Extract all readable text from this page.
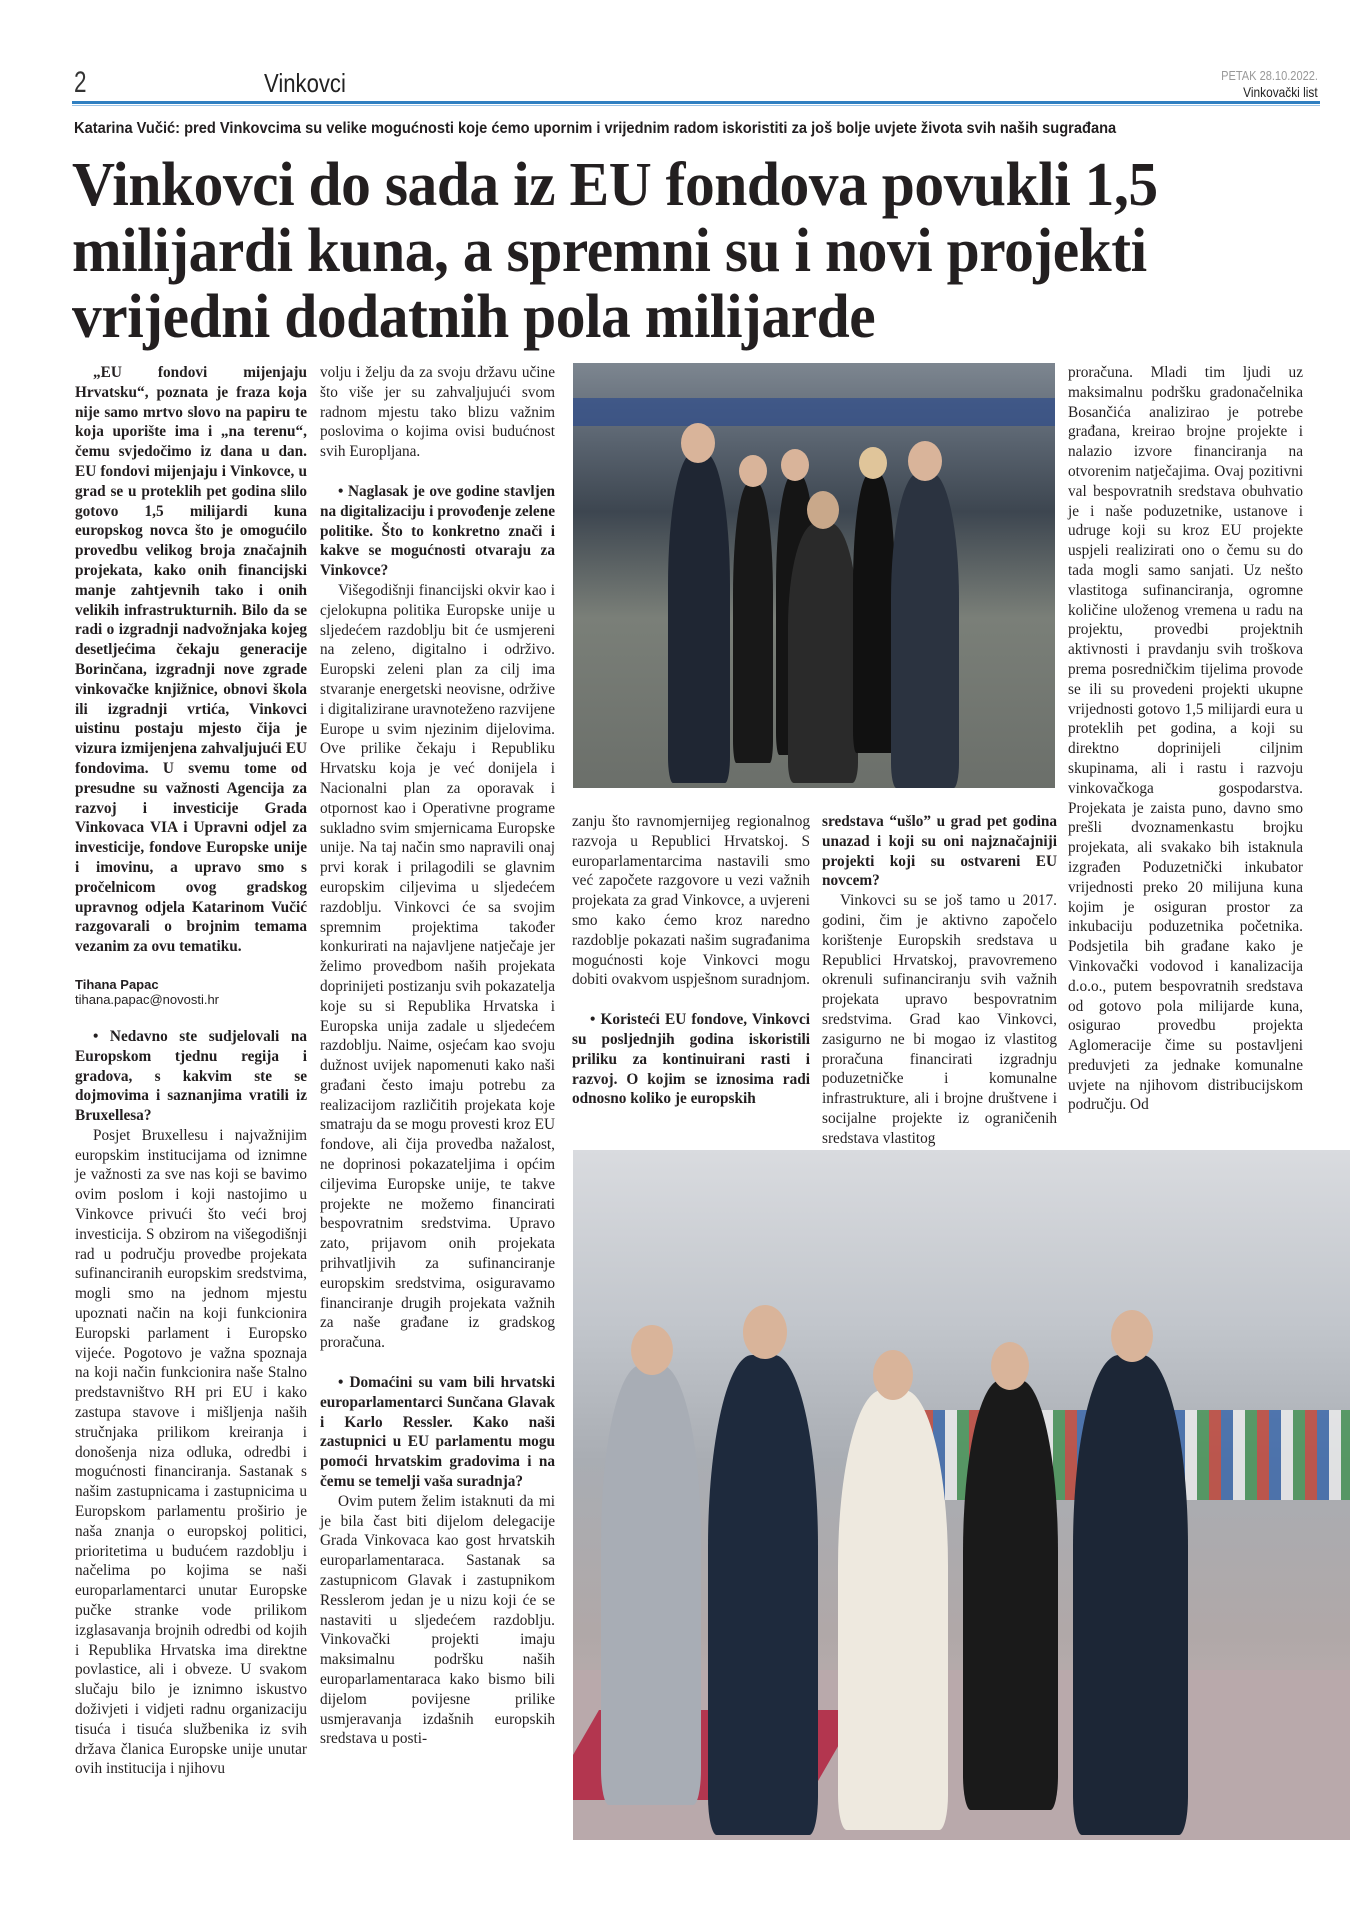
2	Vinkovci	PETAK 28.10.2022.
Vinkovački list
Katarina Vučić: pred Vinkovcima su velike mogućnosti koje ćemo upornim i vrijednim radom iskoristiti za još bolje uvjete života svih naših sugrađana
Vinkovci do sada iz EU fondova povukli 1,5 milijardi kuna, a spremni su i novi projekti vrijedni dodatnih pola milijarde

„EU fondovi mijenjaju Hrvatsku“, poznata je fraza koja nije samo mrtvo slovo na papiru te koja uporište ima i „na terenu“, čemu svjedočimo iz dana u dan. EU fondovi mijenjaju i Vinkovce, u grad se u proteklih pet godina slilo gotovo 1,5 milijardi kuna europskog novca što je omogućilo provedbu velikog broja značajnih projekata, kako onih financijski manje zahtjevnih tako i onih velikih infrastrukturnih. Bilo da se radi o izgradnji nadvožnjaka kojeg desetljećima čekaju generacije Borinčana, izgradnji nove zgrade vinkovačke knjižnice, obnovi škola ili izgradnji vrtića, Vinkovci uistinu postaju mjesto čija je vizura izmijenjena zahvaljujući EU fondovima. U svemu tome od presudne su važnosti Agencija za razvoj i investicije Grada Vinkovaca VIA i Upravni odjel za investicije, fondove Europske unije i imovinu, a upravo smo s pročelnicom ovog gradskog upravnog odjela Katarinom Vučić razgovarali o brojnim temama vezanim za ovu tematiku.

Tihana Papac
tihana.papac@novosti.hr

• Nedavno ste sudjelovali na Europskom tjednu regija i gradova, s kakvim ste se dojmovima i saznanjima vratili iz Bruxellesa?

Posjet Bruxellesu i najvažnijim europskim institucijama od iznimne je važnosti za sve nas koji se bavimo ovim poslom i koji nastojimo u Vinkovce privući što veći broj investicija. S obzirom na višegodišnji rad u području provedbe projekata sufinanciranih europskim sredstvima, mogli smo na jednom mjestu upoznati način na koji funkcionira Europski parlament i Europsko vijeće. Pogotovo je važna spoznaja na koji način funkcionira naše Stalno predstavništvo RH pri EU i kako zastupa stavove i mišljenja naših stručnjaka prilikom kreiranja i donošenja niza odluka, odredbi i mogućnosti financiranja. Sastanak s našim zastupnicama i zastupnicima u Europskom parlamentu proširio je naša znanja o europskoj politici, prioritetima u budućem razdoblju i načelima po kojima se naši europarlamentarci unutar Europske pučke stranke vode prilikom izglasavanja brojnih odredbi od kojih i Republika Hrvatska ima direktne povlastice, ali i obveze. U svakom slučaju bilo je iznimno iskustvo doživjeti i vidjeti radnu organizaciju tisuća i tisuća službenika iz svih država članica Europske unije unutar ovih institucija i njihovu

volju i želju da za svoju državu učine što više jer su zahvaljujući svom radnom mjestu tako blizu važnim poslovima o kojima ovisi budućnost svih Europljana.

• Naglasak je ove godine stavljen na digitalizaciju i provođenje zelene politike. Što to konkretno znači i kakve se mogućnosti otvaraju za Vinkovce?

Višegodišnji financijski okvir kao i cjelokupna politika Europske unije u sljedećem razdoblju bit će usmjereni na zeleno, digitalno i održivo. Europski zeleni plan za cilj ima stvaranje energetski neovisne, održive i digitalizirane uravnoteženo razvijene Europe u svim njezinim dijelovima. Ove prilike čekaju i Republiku Hrvatsku koja je već donijela i Nacionalni plan za oporavak i otpornost kao i Operativne programe sukladno svim smjernicama Europske unije. Na taj način smo napravili onaj prvi korak i prilagodili se glavnim europskim ciljevima u sljedećem razdoblju. Vinkovci će sa svojim spremnim projektima također konkurirati na najavljene natječaje jer želimo provedbom naših projekata doprinijeti postizanju svih pokazatelja koje su si Republika Hrvatska i Europska unija zadale u sljedećem razdoblju. Naime, osjećam kao svoju dužnost uvijek napomenuti kako naši građani često imaju potrebu za realizacijom različitih projekata koje smatraju da se mogu provesti kroz EU fondove, ali čija provedba nažalost, ne doprinosi pokazateljima i općim ciljevima Europske unije, te takve projekte ne možemo financirati bespovratnim sredstvima. Upravo zato, prijavom onih projekata prihvatljivih za sufinanciranje europskim sredstvima, osiguravamo financiranje drugih projekata važnih za naše građane iz gradskog proračuna.

• Domaćini su vam bili hrvatski europarlamentarci Sunčana Glavak i Karlo Ressler. Kako naši zastupnici u EU parlamentu mogu pomoći hrvatskim gradovima i na čemu se temelji vaša suradnja?

Ovim putem želim istaknuti da mi je bila čast biti dijelom delegacije Grada Vinkovaca kao gost hrvatskih europarlamentaraca. Sastanak sa zastupnicom Glavak i zastupnikom Resslerom jedan je u nizu koji će se nastaviti u sljedećem razdoblju. Vinkovački projekti imaju maksimalnu podršku naših europarlamentaraca kako bismo bili dijelom povijesne prilike usmjeravanja izdašnih europskih sredstava u posti-

zanju što ravnomjernijeg regionalnog razvoja u Republici Hrvatskoj. S europarlamentarcima nastavili smo već započete razgovore u vezi važnih projekata za grad Vinkovce, a uvjereni smo kako ćemo kroz naredno razdoblje pokazati našim sugrađanima mogućnosti koje Vinkovci mogu dobiti ovakvom uspješnom suradnjom.

• Koristeći EU fondove, Vinkovci su posljednjih godina iskoristili priliku za kontinuirani rasti i razvoj. O kojim se iznosima radi odnosno koliko je europskih

sredstava “ušlo” u grad pet godina unazad i koji su oni najznačajniji projekti koji su ostvareni EU novcem?

Vinkovci su se još tamo u 2017. godini, čim je aktivno započelo korištenje Europskih sredstava u Republici Hrvatskoj, pravovremeno okrenuli sufinanciranju svih važnih projekata upravo bespovratnim sredstvima. Grad kao Vinkovci, zasigurno ne bi mogao iz vlastitog proračuna financirati izgradnju poduzetničke i komunalne infrastrukture, ali i brojne društvene i socijalne projekte iz ograničenih sredstava vlastitog

proračuna. Mladi tim ljudi uz maksimalnu podršku gradonačelnika Bosančića analizirao je potrebe građana, kreirao brojne projekte i nalazio izvore financiranja na otvorenim natječajima. Ovaj pozitivni val bespovratnih sredstava obuhvatio je i naše poduzetnike, ustanove i udruge koji su kroz EU projekte uspjeli realizirati ono o čemu su do tada mogli samo sanjati. Uz nešto vlastitoga sufinanciranja, ogromne količine uloženog vremena u radu na projektu, provedbi projektnih aktivnosti i pravdanju svih troškova prema posredničkim tijelima provode se ili su provedeni projekti ukupne vrijednosti gotovo 1,5 milijardi eura u proteklih pet godina, a koji su direktno doprinijeli ciljnim skupinama, ali i rastu i razvoju vinkovačkoga gospodarstva. Projekata je zaista puno, davno smo prešli dvoznamenkastu brojku projekata, ali svakako bih istaknula izgrađen Poduzetnički inkubator vrijednosti preko 20 milijuna kuna kojim je osiguran prostor za inkubaciju poduzetnika početnika. Podsjetila bih građane kako je Vinkovački vodovod i kanalizacija d.o.o., putem bespovratnih sredstava od gotovo pola milijarde kuna, osigurao provedbu projekta Aglomeracije čime su postavljeni preduvjeti za jednake komunalne uvjete na njihovom distribucijskom području. Od
